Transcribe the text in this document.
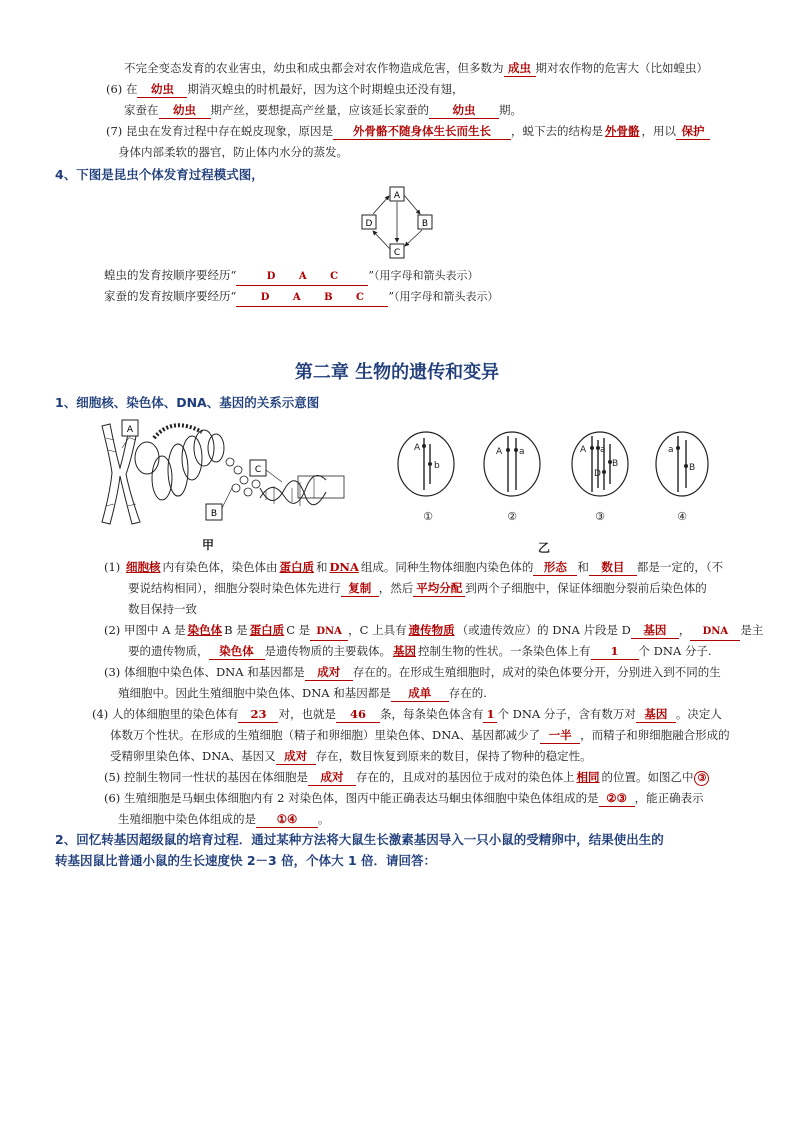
不完全变态发育的农业害虫，幼虫和成虫都会对农作物造成危害，但多数为 成虫 期对农作物的危害大（比如蝗虫）
(6) 在 幼虫 期消灭蝗虫的时机最好，因为这个时期蝗虫还没有翅，
家蚕在 幼虫 期产丝，要想提高产丝量，应该延长家蚕的 幼虫 期。
(7) 昆虫在发育过程中存在蜕皮现象，原因是 外骨骼不随身体生长而生长 ，蜕下去的结构是 外骨骼 ，用以 保护
身体内部柔软的器官，防止体内水分的蒸发。
4、下图是昆虫个体发育过程模式图，
A
B
C
D
蝗虫的发育按顺序要经历“	D A C	”（用字母和箭头表示）
家蚕的发育按顺序要经历“ D A B C ”（用字母和箭头表示）
第二章 生物的遗传和变异
1、细胞核、染色体、DNA、基因的关系示意图
A
B
C
甲
A
b
A a	A a
D
B
a
B
①	②	③	④
乙
(1) 细胞核 内有染色体，染色体由 蛋白质 和 DNA 组成。同种生物体细胞内染色体的 形态 和 数目 都是一定的，（不
要说结构相同），细胞分裂时染色体先进行 复制 ，然后 平均分配 到两个子细胞中，保证体细胞分裂前后染色体的
数目保持一致
(2) 甲图中 A 是 染色体 B 是 蛋白质 C 是 DNA ，C 上具有 遗传物质 （或遗传效应）的 DNA 片段是 D 基因 ， DNA 是主
要的遗传物质， 染色体 是遗传物质的主要载体。 基因 控制生物的性状。一条染色体上有 1 个 DNA 分子.
(3) 体细胞中染色体、DNA 和基因都是 成对 存在的。在形成生殖细胞时，成对的染色体要分开，分别进入到不同的生
殖细胞中。因此生殖细胞中染色体、DNA 和基因都是 成单 存在的.
(4) 人的体细胞里的染色体有 23 对，也就是 46 条，每条染色体含有 1 个 DNA 分子，含有数万对 基因 。决定人
体数万个性状。在形成的生殖细胞（精子和卵细胞）里染色体、DNA、基因都减少了 一半 ，而精子和卵细胞融合形成的
受精卵里染色体、DNA、基因又 成对 存在，数目恢复到原来的数目，保持了物种的稳定性。
(5) 控制生物同一性状的基因在体细胞是 成对 存在的，且成对的基因位于成对的染色体上 相同 的位置。如图乙中 ③
(6) 生殖细胞是马蛔虫体细胞内有 2 对染色体，图丙中能正确表达马蛔虫体细胞中染色体组成的是 ②③ ，能正确表示
生殖细胞中染色体组成的是 ①④ 。
2、回忆转基因超级鼠的培育过程．通过某种方法将大鼠生长激素基因导入一只小鼠的受精卵中，结果使出生的
转基因鼠比普通小鼠的生长速度快 2－3 倍，个体大 1 倍．请回答：
